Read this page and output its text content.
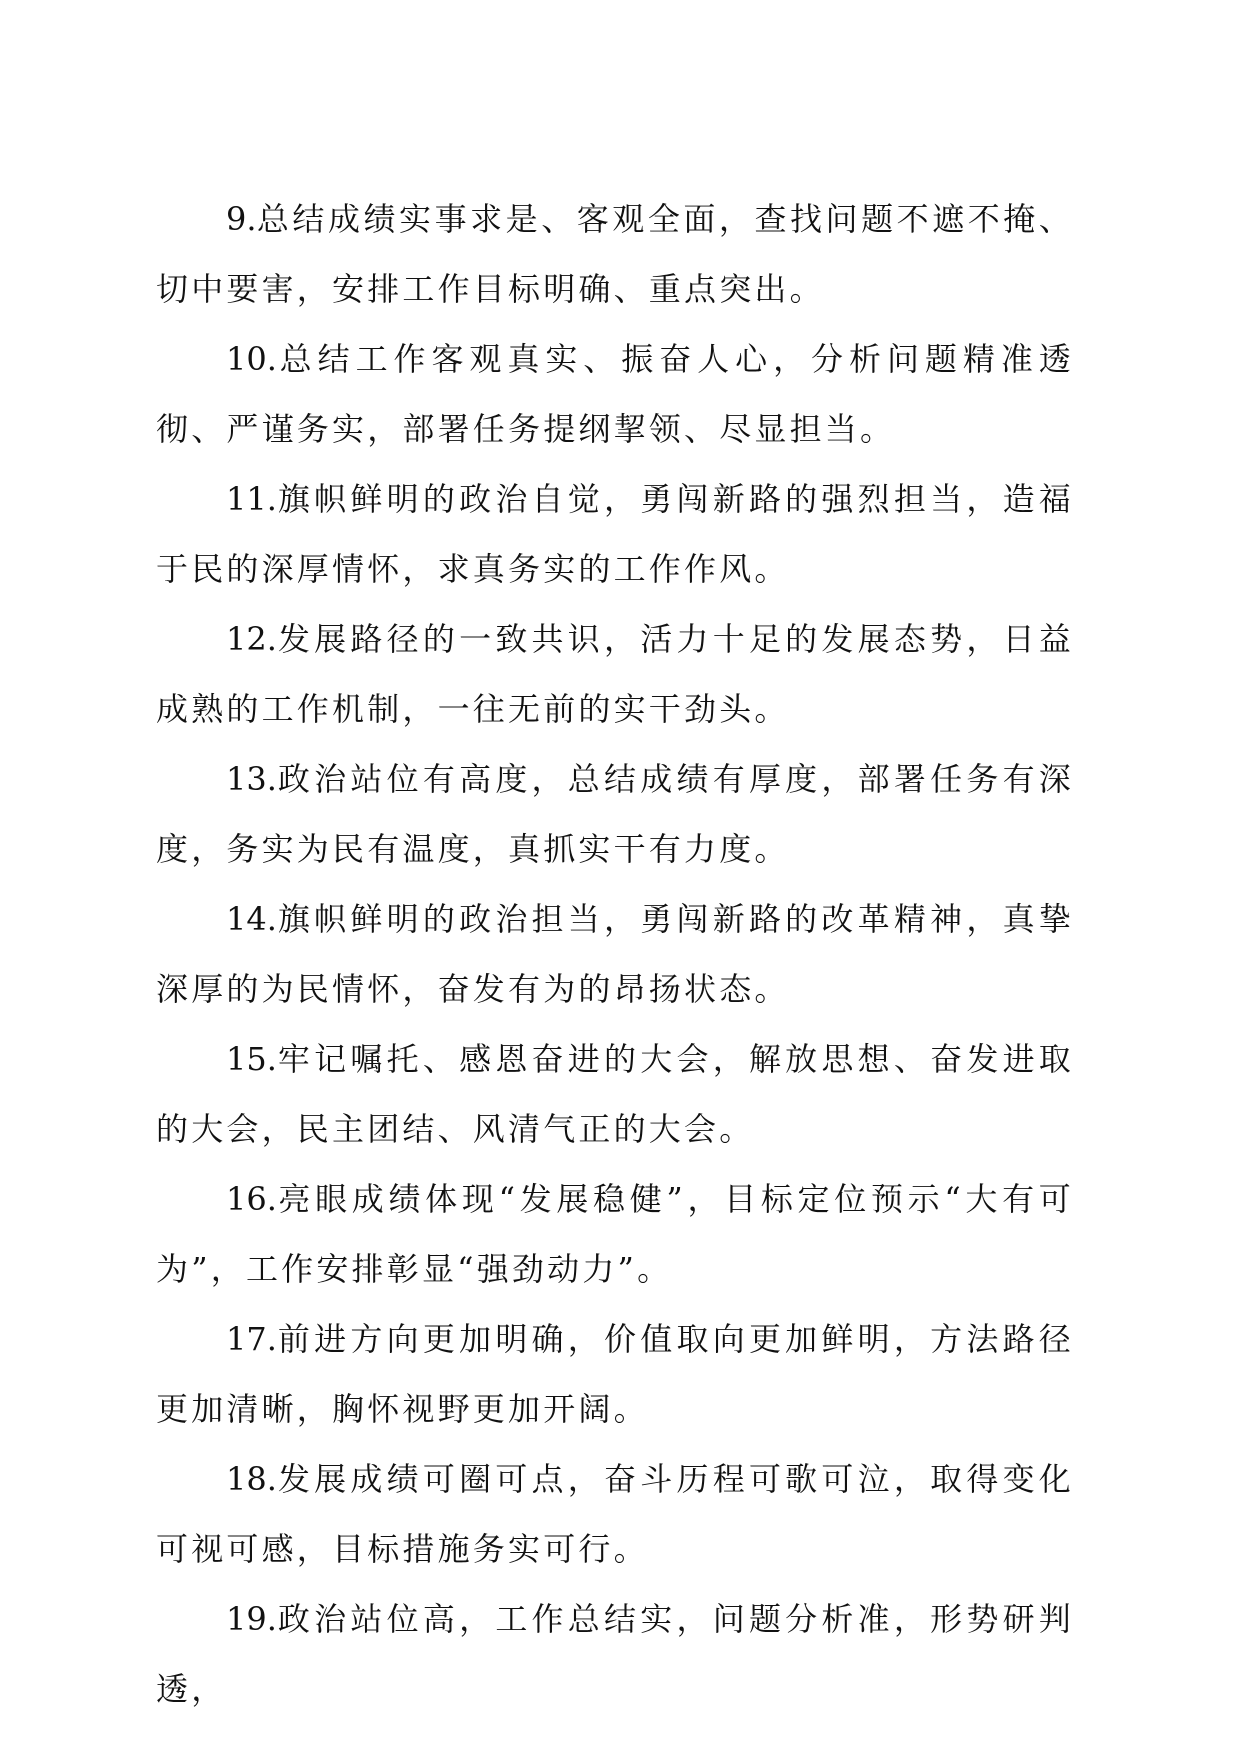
9.总结成绩实事求是、客观全面，查找问题不遮不掩、切中要害，安排工作目标明确、重点突出。

10.总结工作客观真实、振奋人心，分析问题精准透彻、严谨务实，部署任务提纲挈领、尽显担当。

11.旗帜鲜明的政治自觉，勇闯新路的强烈担当，造福于民的深厚情怀，求真务实的工作作风。

12.发展路径的一致共识，活力十足的发展态势，日益成熟的工作机制，一往无前的实干劲头。

13.政治站位有高度，总结成绩有厚度，部署任务有深度，务实为民有温度，真抓实干有力度。

14.旗帜鲜明的政治担当，勇闯新路的改革精神，真挚深厚的为民情怀，奋发有为的昂扬状态。

15.牢记嘱托、感恩奋进的大会，解放思想、奋发进取的大会，民主团结、风清气正的大会。

16.亮眼成绩体现“发展稳健”，目标定位预示“大有可为”，工作安排彰显“强劲动力”。

17.前进方向更加明确，价值取向更加鲜明，方法路径更加清晰，胸怀视野更加开阔。

18.发展成绩可圈可点，奋斗历程可歌可泣，取得变化可视可感，目标措施务实可行。

19.政治站位高，工作总结实，问题分析准，形势研判透，
